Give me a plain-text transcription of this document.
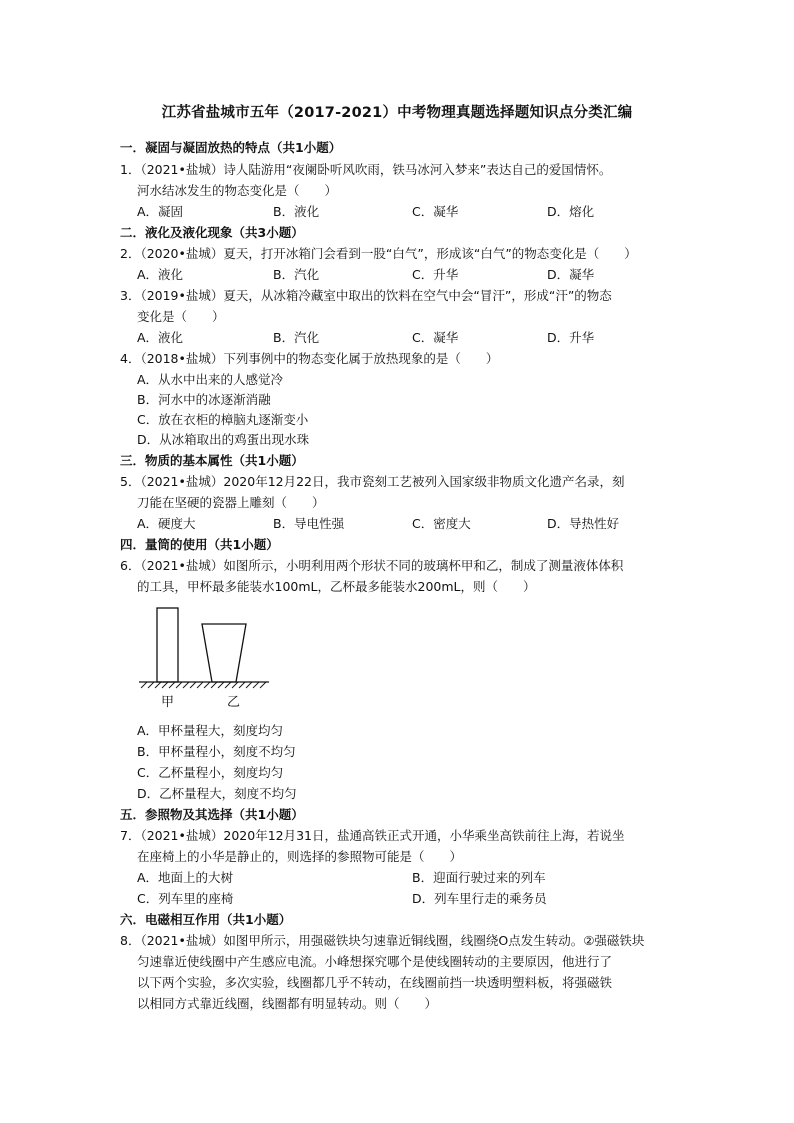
江苏省盐城市五年（2017-2021）中考物理真题选择题知识点分类汇编
一．凝固与凝固放热的特点（共1小题）
1．（2021•盐城）诗人陆游用“夜阑卧听风吹雨，铁马冰河入梦来”表达自己的爱国情怀。
河水结冰发生的物态变化是（　　）
A．凝固	B．液化	C．凝华	D．熔化
二．液化及液化现象（共3小题）
2．（2020•盐城）夏天，打开冰箱门会看到一股“白气”，形成该“白气”的物态变化是（　　）
A．液化	B．汽化	C．升华	D．凝华
3．（2019•盐城）夏天，从冰箱冷藏室中取出的饮料在空气中会“冒汗”，形成“汗”的物态
变化是（　　）
A．液化	B．汽化	C．凝华	D．升华
4．（2018•盐城）下列事例中的物态变化属于放热现象的是（　　）
A．从水中出来的人感觉冷
B．河水中的冰逐渐消融
C．放在衣柜的樟脑丸逐渐变小
D．从冰箱取出的鸡蛋出现水珠
三．物质的基本属性（共1小题）
5．（2021•盐城）2020年12月22日，我市瓷刻工艺被列入国家级非物质文化遗产名录，刻
刀能在坚硬的瓷器上雕刻（　　）
A．硬度大	B．导电性强	C．密度大	D．导热性好
四．量筒的使用（共1小题）
6．（2021•盐城）如图所示，小明利用两个形状不同的玻璃杯甲和乙，制成了测量液体体积
的工具，甲杯最多能装水100mL，乙杯最多能装水200mL，则（　　）
甲	乙
A．甲杯量程大，刻度均匀
B．甲杯量程小，刻度不均匀
C．乙杯量程小，刻度均匀
D．乙杯量程大，刻度不均匀
五．参照物及其选择（共1小题）
7．（2021•盐城）2020年12月31日，盐通高铁正式开通，小华乘坐高铁前往上海，若说坐
在座椅上的小华是静止的，则选择的参照物可能是（　　）
A．地面上的大树	B．迎面行驶过来的列车
C．列车里的座椅	D．列车里行走的乘务员
六．电磁相互作用（共1小题）
8．（2021•盐城）如图甲所示，用强磁铁块匀速靠近铜线圈，线圈绕O点发生转动。②强磁铁块
匀速靠近使线圈中产生感应电流。小峰想探究哪个是使线圈转动的主要原因，他进行了
以下两个实验，多次实验，线圈都几乎不转动，在线圈前挡一块透明塑料板，将强磁铁
以相同方式靠近线圈，线圈都有明显转动。则（　　）
